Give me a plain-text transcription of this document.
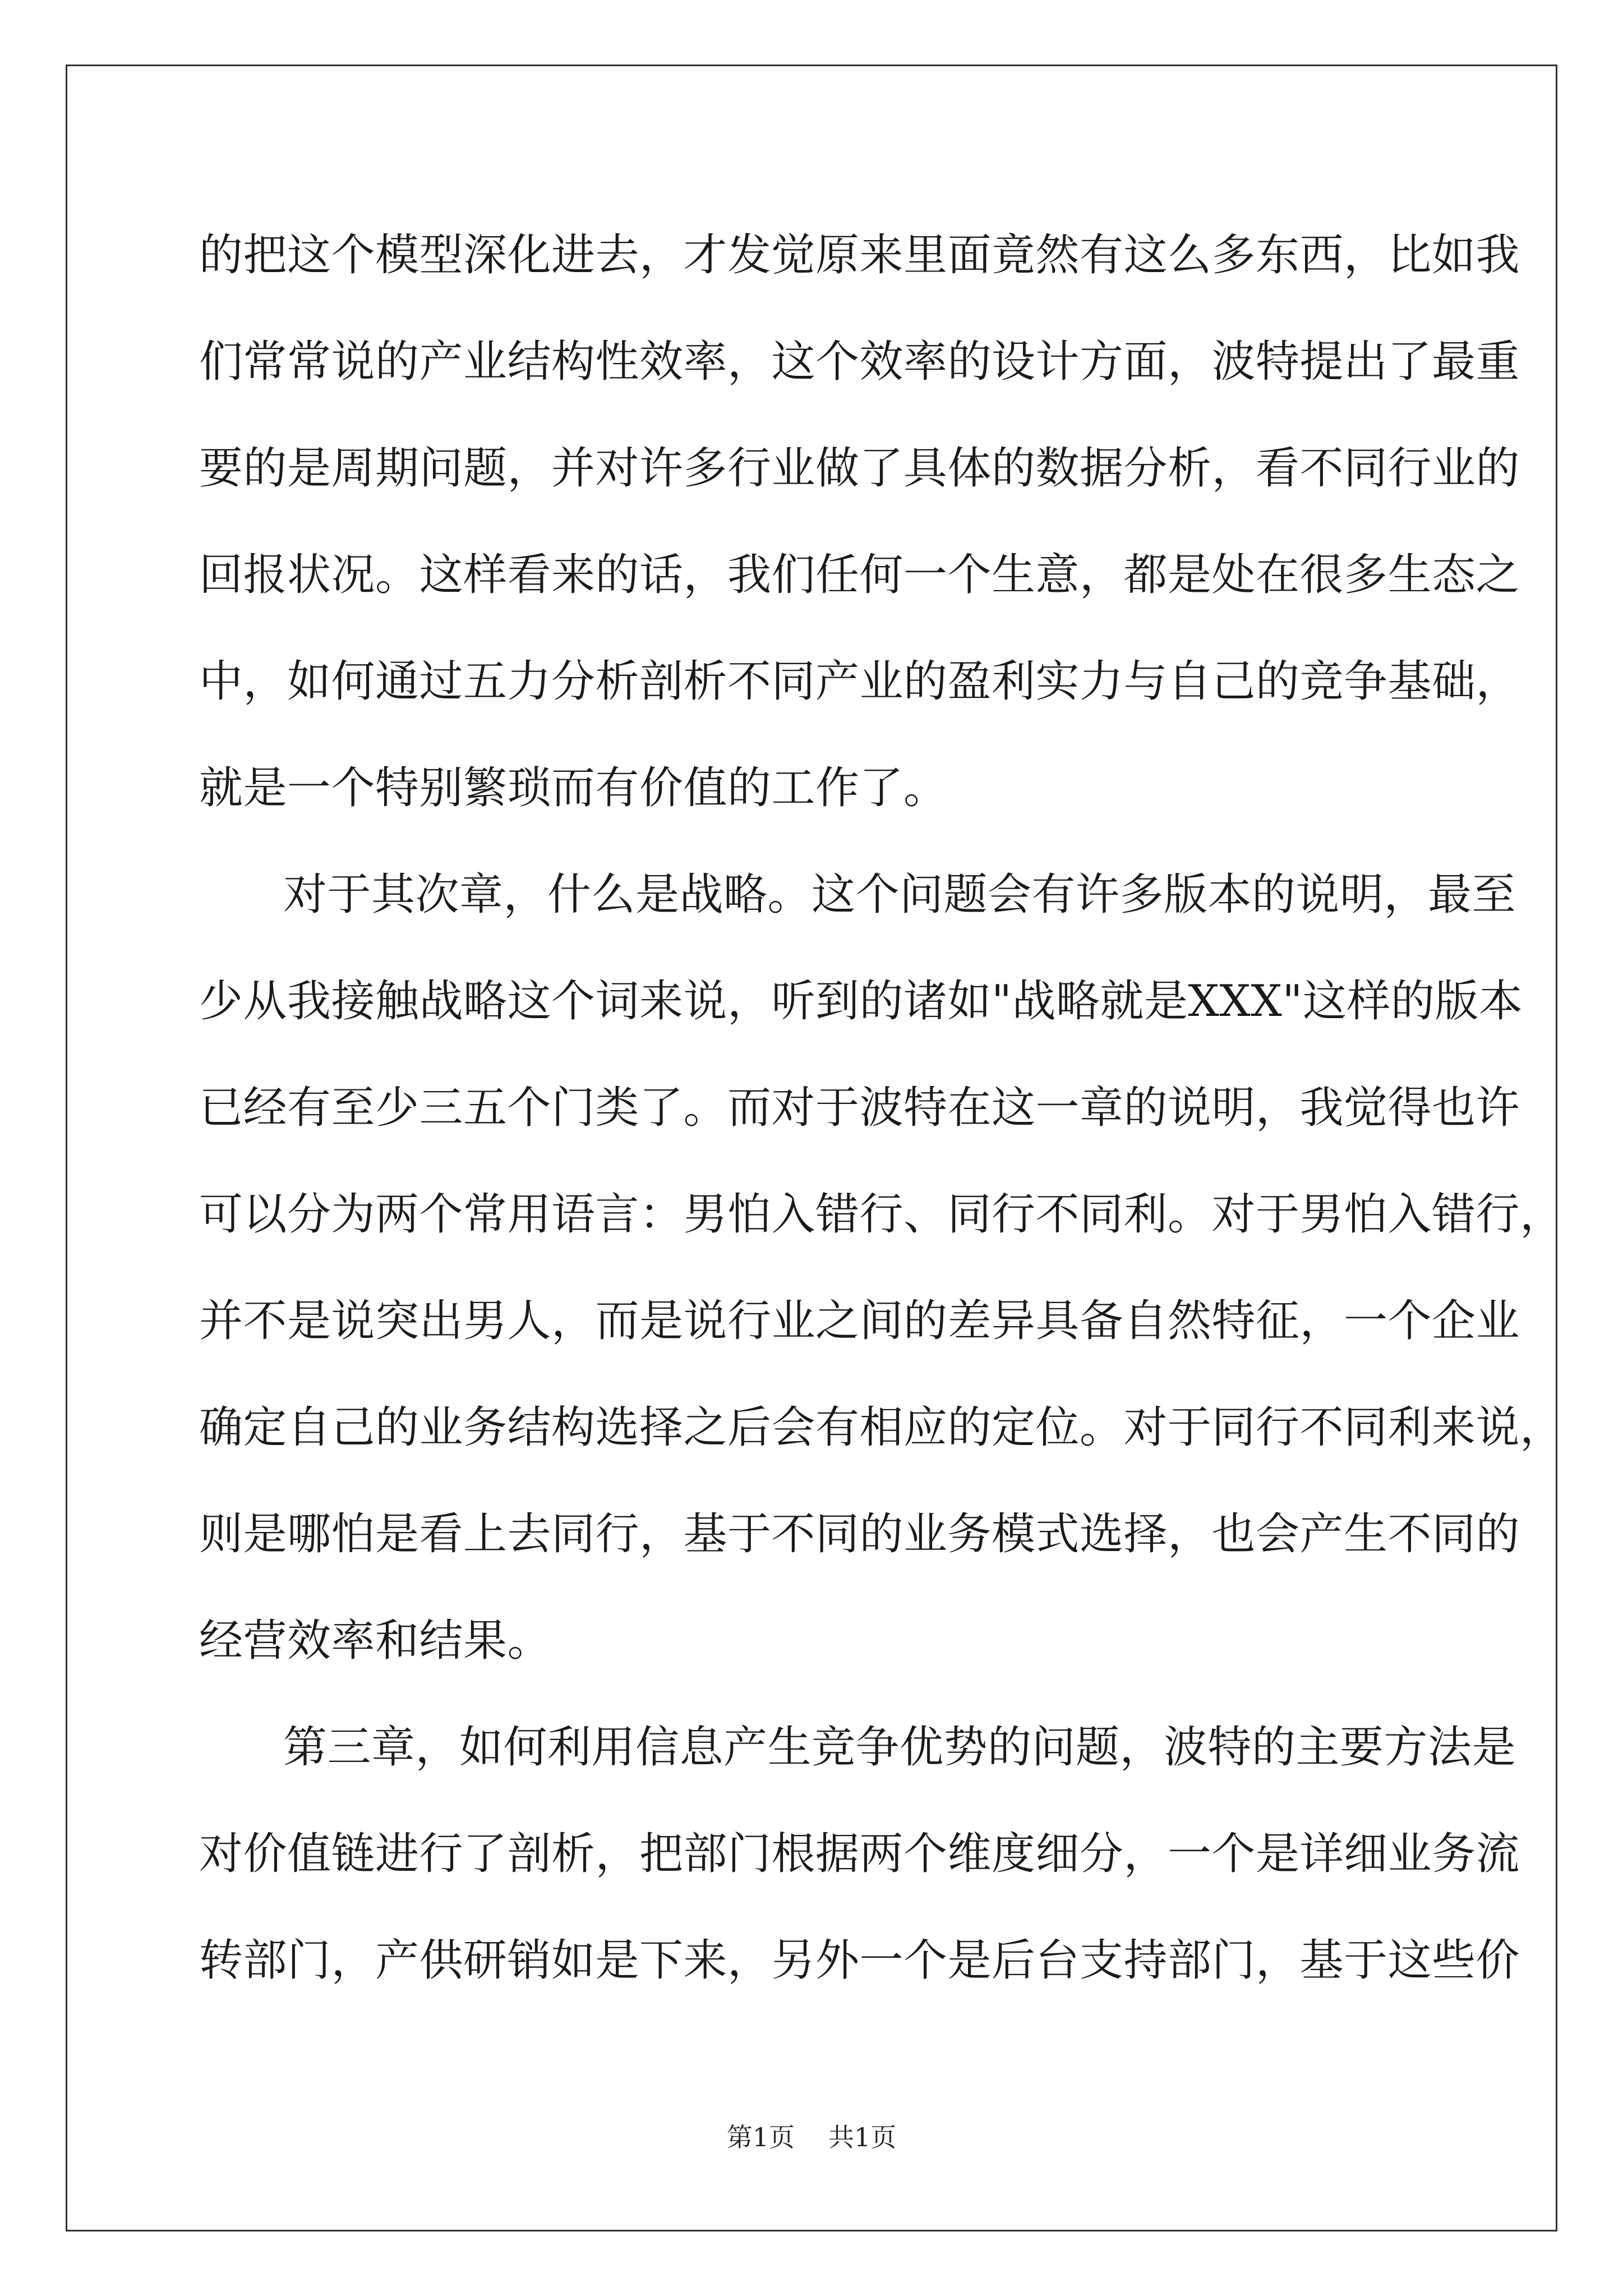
的把这个模型深化进去，才发觉原来里面竟然有这么多东西，比如我
们常常说的产业结构性效率，这个效率的设计方面，波特提出了最重
要的是周期问题，并对许多行业做了具体的数据分析，看不同行业的
回报状况。这样看来的话，我们任何一个生意，都是处在很多生态之
中，如何通过五力分析剖析不同产业的盈利实力与自己的竞争基础，
就是一个特别繁琐而有价值的工作了。
对于其次章，什么是战略。这个问题会有许多版本的说明，最至
少从我接触战略这个词来说，听到的诸如"战略就是XXX"这样的版本
已经有至少三五个门类了。而对于波特在这一章的说明，我觉得也许
可以分为两个常用语言：男怕入错行、同行不同利。对于男怕入错行，
并不是说突出男人，而是说行业之间的差异具备自然特征，一个企业
确定自己的业务结构选择之后会有相应的定位。对于同行不同利来说，
则是哪怕是看上去同行，基于不同的业务模式选择，也会产生不同的
经营效率和结果。
第三章，如何利用信息产生竞争优势的问题，波特的主要方法是
对价值链进行了剖析，把部门根据两个维度细分，一个是详细业务流
转部门，产供研销如是下来，另外一个是后台支持部门，基于这些价
第1页 共1页
